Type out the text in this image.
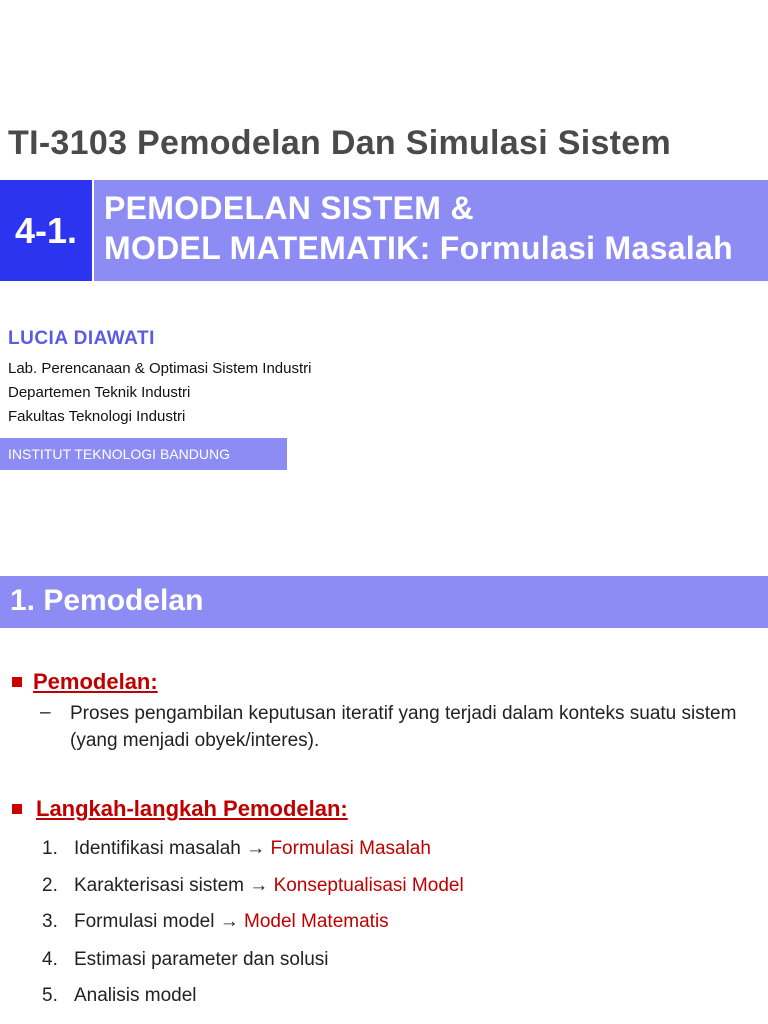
TI-3103 Pemodelan Dan Simulasi Sistem
4-1.
PEMODELAN SISTEM &
MODEL MATEMATIK: Formulasi Masalah
LUCIA DIAWATI
Lab. Perencanaan & Optimasi Sistem Industri
Departemen Teknik Industri
Fakultas Teknologi Industri
INSTITUT TEKNOLOGI BANDUNG
1. Pemodelan
Pemodelan:
– Proses pengambilan keputusan iteratif yang terjadi dalam konteks suatu sistem (yang menjadi obyek/interes).
Langkah-langkah Pemodelan:
1. Identifikasi masalah → Formulasi Masalah
2. Karakterisasi sistem → Konseptualisasi Model
3. Formulasi model → Model Matematis
4. Estimasi parameter dan solusi
5. Analisis model
